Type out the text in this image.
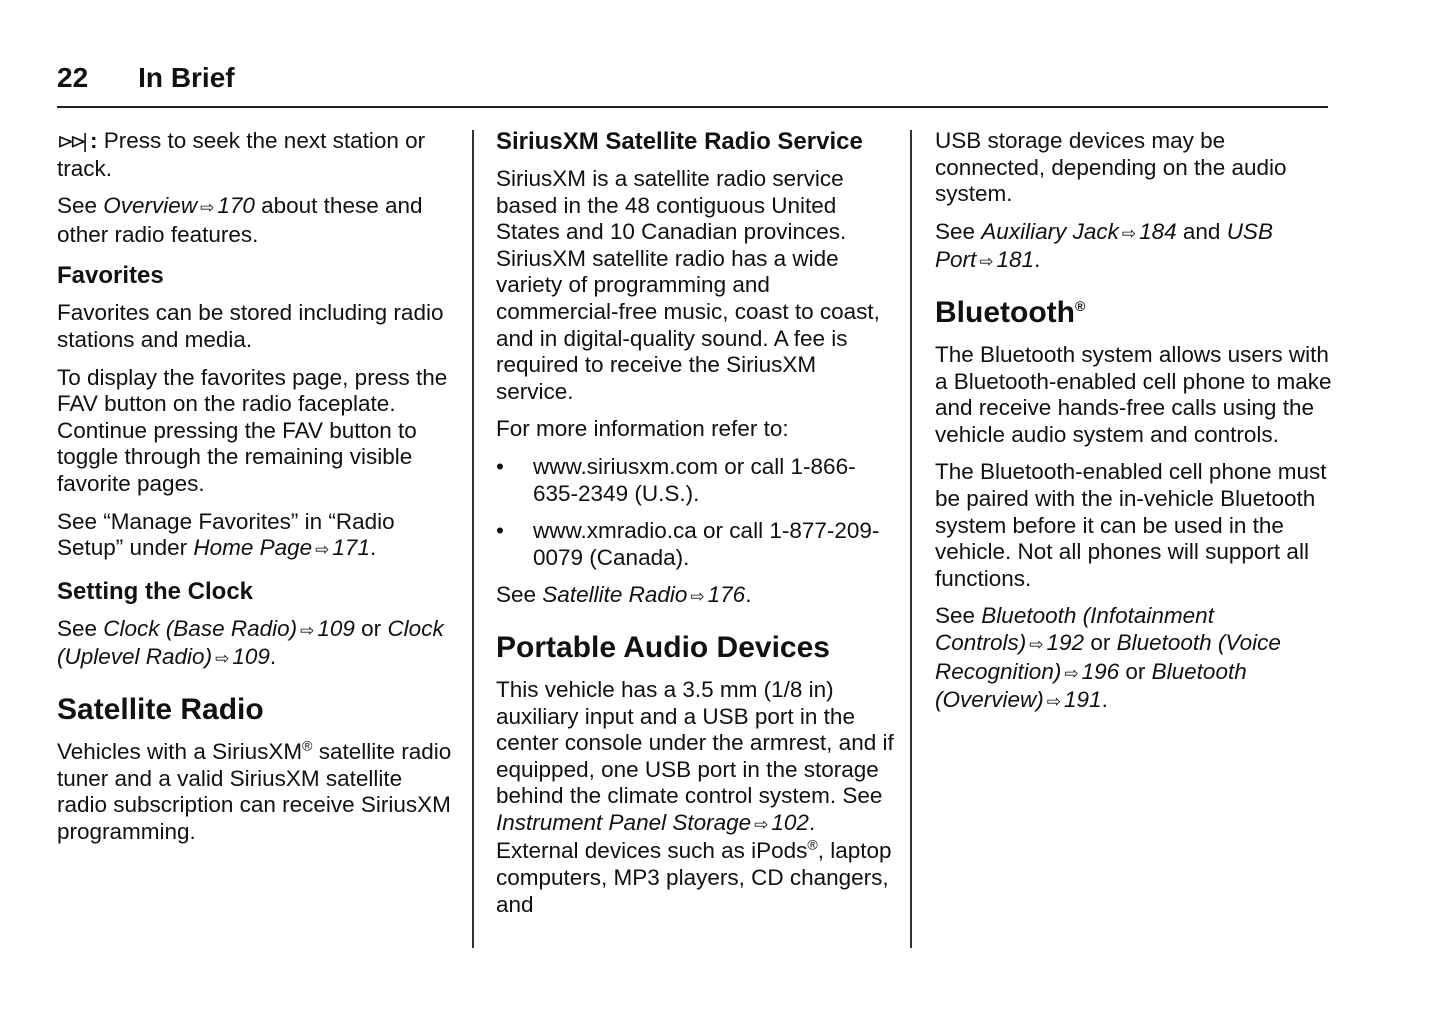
22 In Brief

⊳⊳| : Press to seek the next station or track.

See Overview ⇨ 170 about these and other radio features.

Favorites

Favorites can be stored including radio stations and media.

To display the favorites page, press the FAV button on the radio faceplate. Continue pressing the FAV button to toggle through the remaining visible favorite pages.

See “Manage Favorites” in “Radio Setup” under Home Page ⇨ 171.

Setting the Clock

See Clock (Base Radio) ⇨ 109 or Clock (Uplevel Radio) ⇨ 109.

Satellite Radio

Vehicles with a SiriusXM® satellite radio tuner and a valid SiriusXM satellite radio subscription can receive SiriusXM programming.

SiriusXM Satellite Radio Service

SiriusXM is a satellite radio service based in the 48 contiguous United States and 10 Canadian provinces. SiriusXM satellite radio has a wide variety of programming and commercial-free music, coast to coast, and in digital-quality sound. A fee is required to receive the SiriusXM service.

For more information refer to:

•	www.siriusxm.com or call 1-866-635-2349 (U.S.).
•	www.xmradio.ca or call 1-877-209-0079 (Canada).

See Satellite Radio ⇨ 176.

Portable Audio Devices

This vehicle has a 3.5 mm (1/8 in) auxiliary input and a USB port in the center console under the armrest, and if equipped, one USB port in the storage behind the climate control system. See Instrument Panel Storage ⇨ 102. External devices such as iPods®, laptop computers, MP3 players, CD changers, and

USB storage devices may be connected, depending on the audio system.

See Auxiliary Jack ⇨ 184 and USB Port ⇨ 181.

Bluetooth®

The Bluetooth system allows users with a Bluetooth-enabled cell phone to make and receive hands-free calls using the vehicle audio system and controls.

The Bluetooth-enabled cell phone must be paired with the in-vehicle Bluetooth system before it can be used in the vehicle. Not all phones will support all functions.

See Bluetooth (Infotainment Controls) ⇨ 192 or Bluetooth (Voice Recognition) ⇨ 196 or Bluetooth (Overview) ⇨ 191.
